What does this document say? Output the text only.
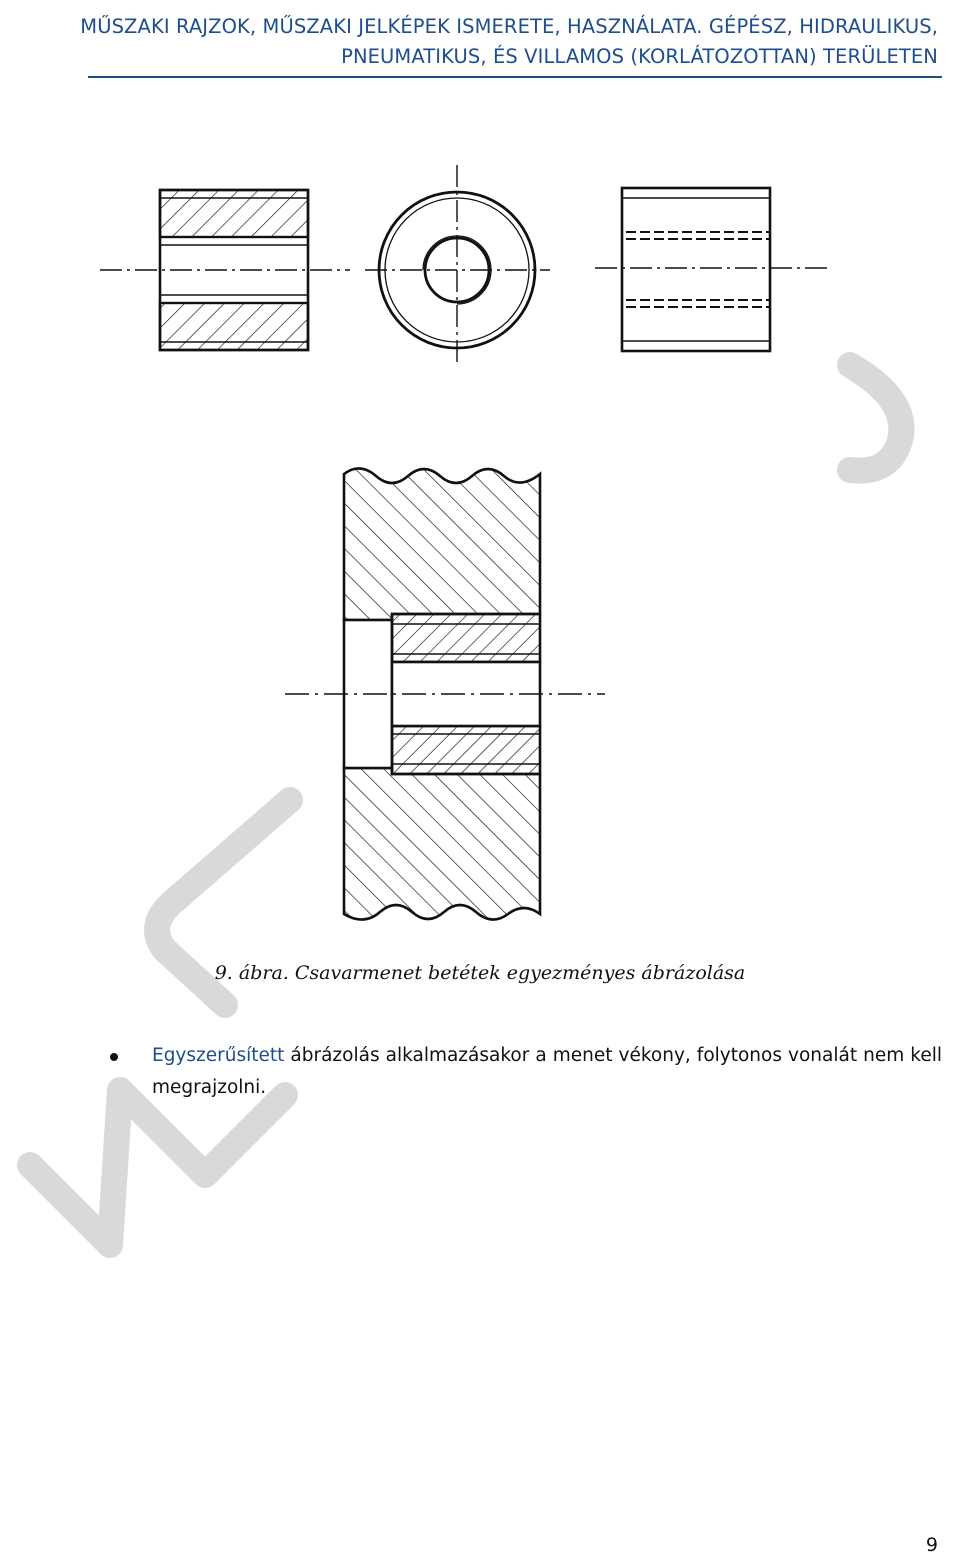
MŰSZAKI RAJZOK, MŰSZAKI JELKÉPEK ISMERETE, HASZNÁLATA. GÉPÉSZ, HIDRAULIKUS,
PNEUMATIKUS, ÉS VILLAMOS (KORLÁTOZOTTAN) TERÜLETEN
9. ábra. Csavarmenet betétek egyezményes ábrázolása
Egyszerűsített ábrázolás alkalmazásakor a menet vékony, folytonos vonalát nem kell megrajzolni.
9
